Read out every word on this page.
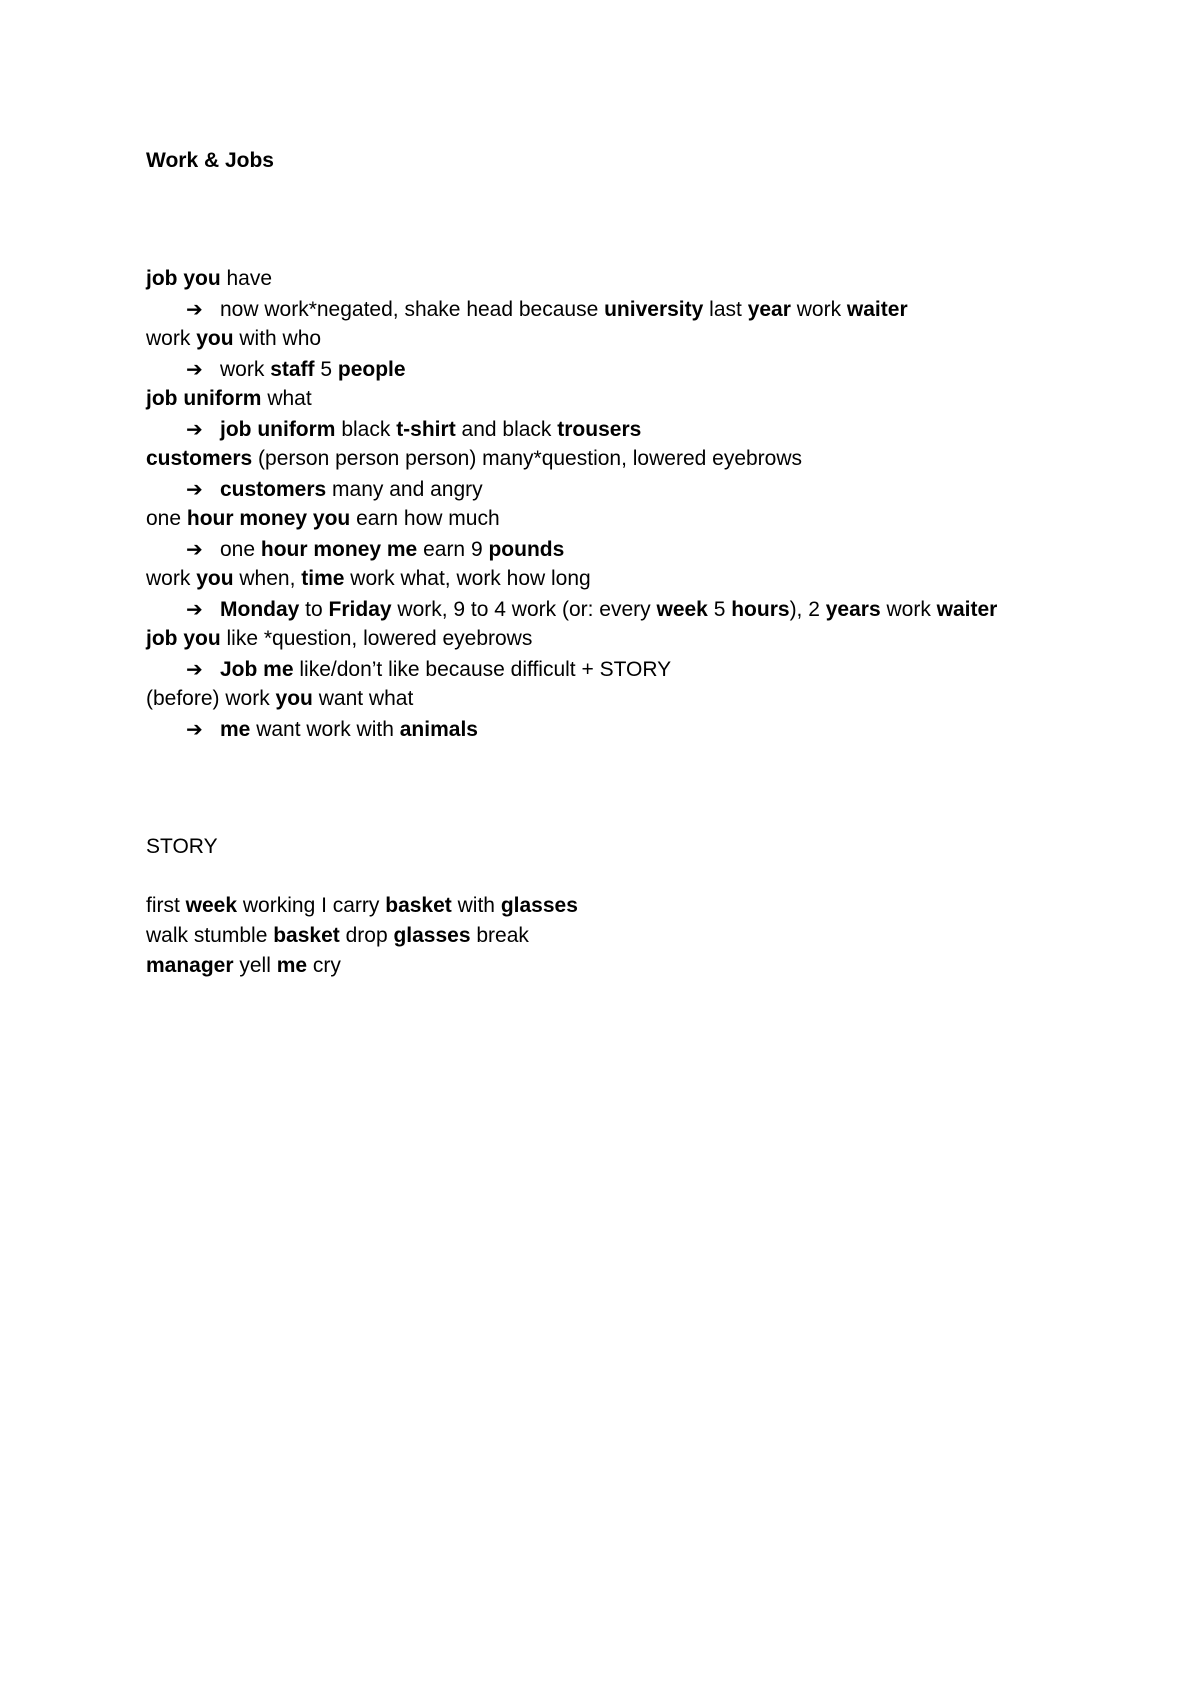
Work & Jobs
job you have
➔ now work*negated, shake head because university last year work waiter
work you with who
➔ work staff 5 people
job uniform what
➔ job uniform black t-shirt and black trousers
customers (person person person) many*question, lowered eyebrows
➔ customers many and angry
one hour money you earn how much
➔ one hour money me earn 9 pounds
work you when, time work what, work how long
➔ Monday to Friday work, 9 to 4 work (or: every week 5 hours), 2 years work waiter
job you like *question, lowered eyebrows
➔ Job me like/don’t like because difficult + STORY
(before) work you want what
➔ me want work with animals
STORY
first week working I carry basket with glasses
walk stumble basket drop glasses break
manager yell me cry
